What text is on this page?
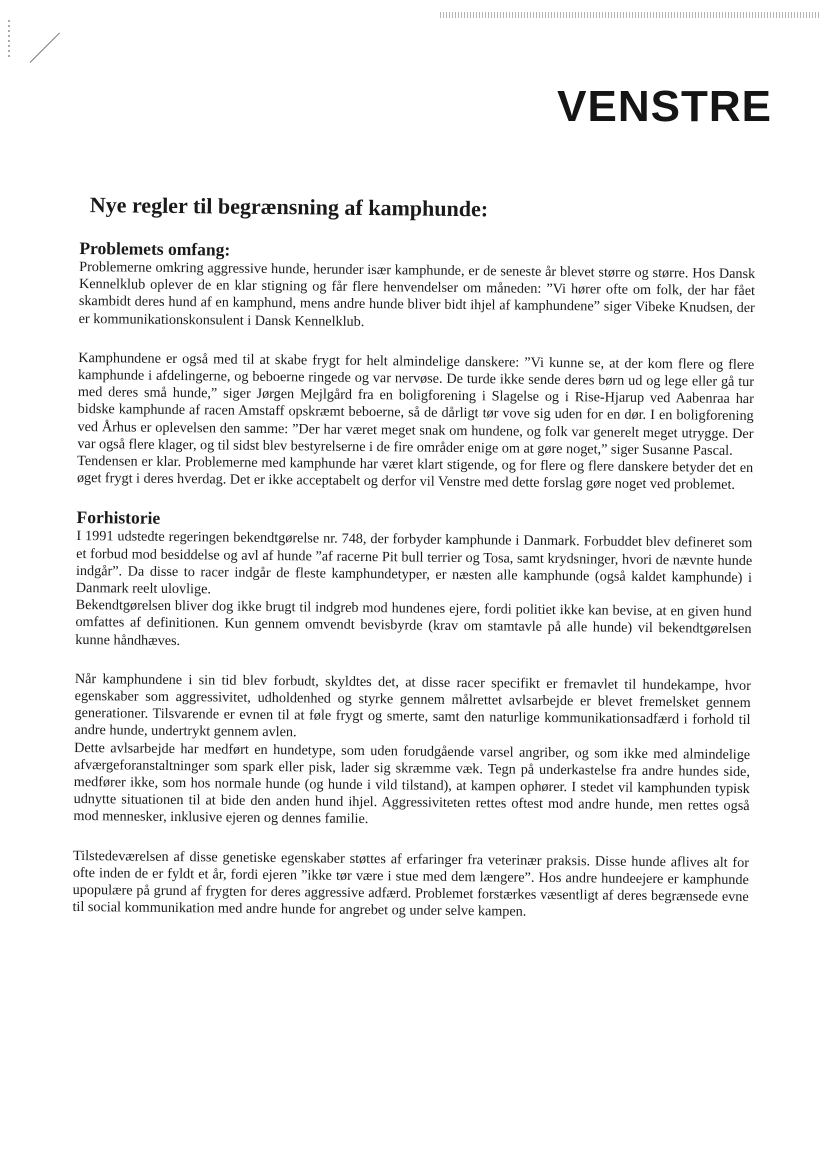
VENSTRE
Nye regler til begrænsning af kamphunde:
Problemets omfang:

Problemerne omkring aggressive hunde, herunder især kamphunde, er de seneste år blevet større og større. Hos Dansk Kennelklub oplever de en klar stigning og får flere henvendelser om måneden: ”Vi hører ofte om folk, der har fået skambidt deres hund af en kamphund, mens andre hunde bliver bidt ihjel af kamphundene” siger Vibeke Knudsen, der er kommunikationskonsulent i Dansk Kennelklub.

Kamphundene er også med til at skabe frygt for helt almindelige danskere: ”Vi kunne se, at der kom flere og flere kamphunde i afdelingerne, og beboerne ringede og var nervøse. De turde ikke sende deres børn ud og lege eller gå tur med deres små hunde,” siger Jørgen Mejlgård fra en boligforening i Slagelse og i Rise-Hjarup ved Aabenraa har bidske kamphunde af racen Amstaff opskræmt beboerne, så de dårligt tør vove sig uden for en dør. I en boligforening ved Århus er oplevelsen den samme: ”Der har været meget snak om hundene, og folk var generelt meget utrygge. Der var også flere klager, og til sidst blev bestyrelserne i de fire områder enige om at gøre noget,” siger Susanne Pascal.

Tendensen er klar. Problemerne med kamphunde har været klart stigende, og for flere og flere danskere betyder det en øget frygt i deres hverdag. Det er ikke acceptabelt og derfor vil Venstre med dette forslag gøre noget ved problemet.

Forhistorie

I 1991 udstedte regeringen bekendtgørelse nr. 748, der forbyder kamphunde i Danmark. Forbuddet blev defineret som et forbud mod besiddelse og avl af hunde ”af racerne Pit bull terrier og Tosa, samt krydsninger, hvori de nævnte hunde indgår”. Da disse to racer indgår de fleste kamphundetyper, er næsten alle kamphunde (også kaldet kamphunde) i Danmark reelt ulovlige.

Bekendtgørelsen bliver dog ikke brugt til indgreb mod hundenes ejere, fordi politiet ikke kan bevise, at en given hund omfattes af definitionen. Kun gennem omvendt bevisbyrde (krav om stamtavle på alle hunde) vil bekendtgørelsen kunne håndhæves.

Når kamphundene i sin tid blev forbudt, skyldtes det, at disse racer specifikt er fremavlet til hundekampe, hvor egenskaber som aggressivitet, udholdenhed og styrke gennem målrettet avlsarbejde er blevet fremelsket gennem generationer. Tilsvarende er evnen til at føle frygt og smerte, samt den naturlige kommunikationsadfærd i forhold til andre hunde, undertrykt gennem avlen.

Dette avlsarbejde har medført en hundetype, som uden forudgående varsel angriber, og som ikke med almindelige afværgeforanstaltninger som spark eller pisk, lader sig skræmme væk. Tegn på underkastelse fra andre hundes side, medfører ikke, som hos normale hunde (og hunde i vild tilstand), at kampen ophører. I stedet vil kamphunden typisk udnytte situationen til at bide den anden hund ihjel. Aggressiviteten rettes oftest mod andre hunde, men rettes også mod mennesker, inklusive ejeren og dennes familie.

Tilstedeværelsen af disse genetiske egenskaber støttes af erfaringer fra veterinær praksis. Disse hunde aflives alt for ofte inden de er fyldt et år, fordi ejeren ”ikke tør være i stue med dem længere”. Hos andre hundeejere er kamphunde upopulære på grund af frygten for deres aggressive adfærd. Problemet forstærkes væsentligt af deres begrænsede evne til social kommunikation med andre hunde for angrebet og under selve kampen.
